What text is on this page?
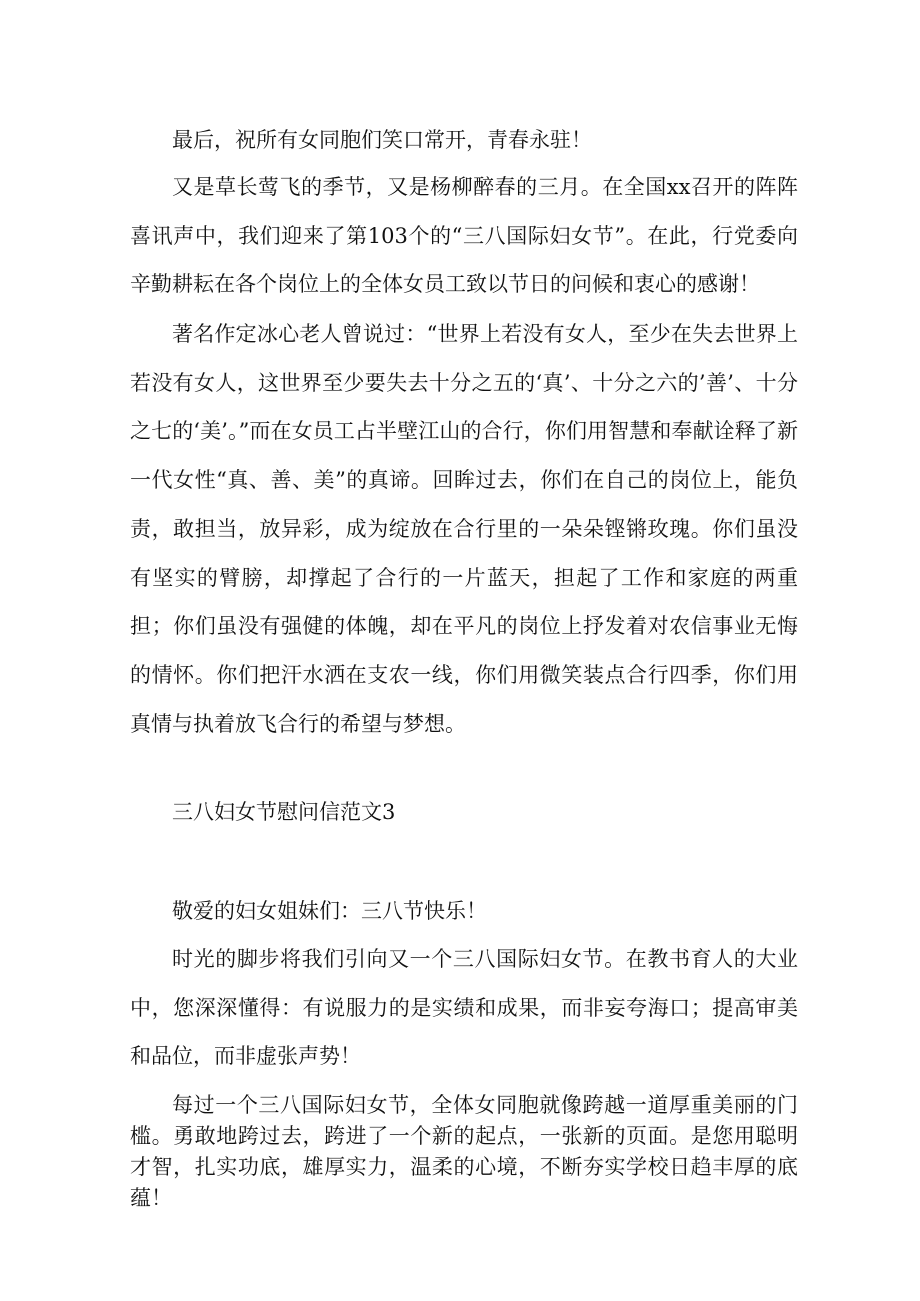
最后，祝所有女同胞们笑口常开，青春永驻！

又是草长莺飞的季节，又是杨柳醉春的三月。在全国xx召开的阵阵喜讯声中，我们迎来了第103个的“三八国际妇女节”。在此，行党委向辛勤耕耘在各个岗位上的全体女员工致以节日的问候和衷心的感谢！

著名作定冰心老人曾说过：“世界上若没有女人，至少在失去世界上若没有女人，这世界至少要失去十分之五的‘真’、十分之六的’善’、十分之七的‘美’。”而在女员工占半壁江山的合行，你们用智慧和奉献诠释了新一代女性“真、善、美”的真谛。回眸过去，你们在自己的岗位上，能负责，敢担当，放异彩，成为绽放在合行里的一朵朵铿锵玫瑰。你们虽没有坚实的臂膀，却撑起了合行的一片蓝天，担起了工作和家庭的两重担；你们虽没有强健的体魄，却在平凡的岗位上抒发着对农信事业无悔的情怀。你们把汗水洒在支农一线，你们用微笑装点合行四季，你们用真情与执着放飞合行的希望与梦想。

三八妇女节慰问信范文3

敬爱的妇女姐妹们：三八节快乐！

时光的脚步将我们引向又一个三八国际妇女节。在教书育人的大业中，您深深懂得：有说服力的是实绩和成果，而非妄夸海口；提高审美和品位，而非虚张声势！

每过一个三八国际妇女节，全体女同胞就像跨越一道厚重美丽的门槛。勇敢地跨过去，跨进了一个新的起点，一张新的页面。是您用聪明才智，扎实功底，雄厚实力，温柔的心境，不断夯实学校日趋丰厚的底蕴！
